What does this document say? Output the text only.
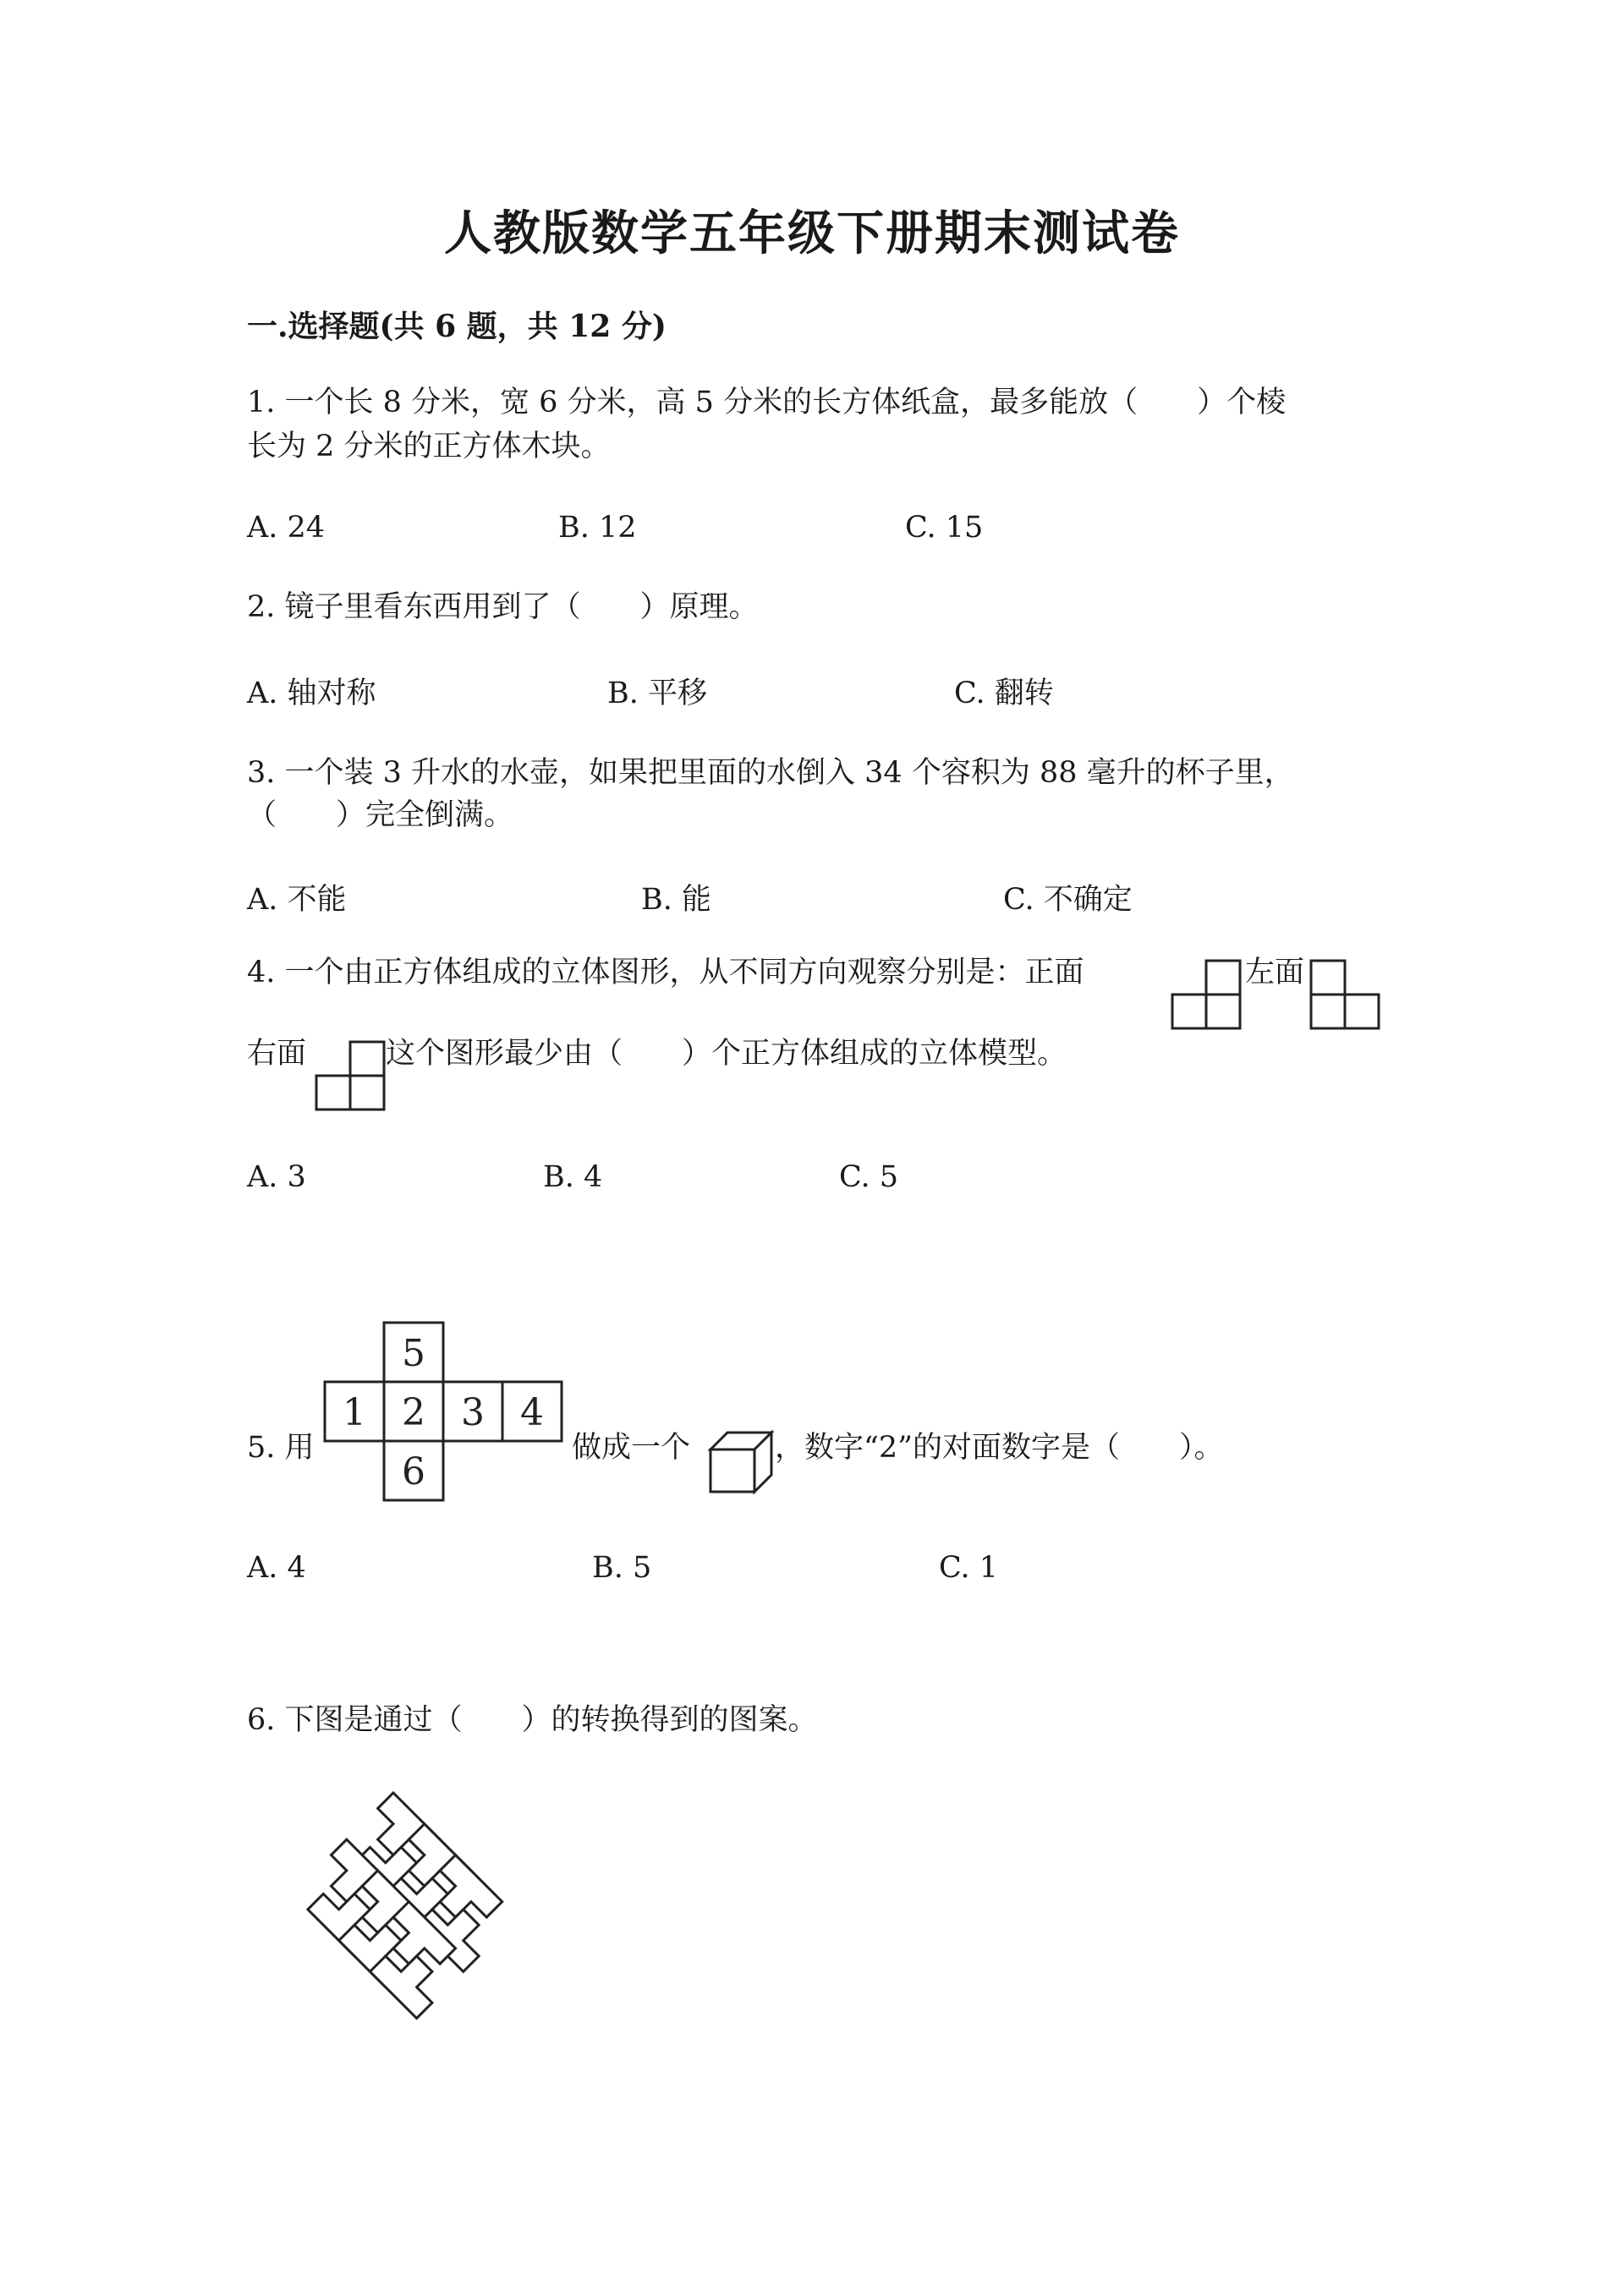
人教版数学五年级下册期末测试卷
一.选择题(共 6 题，共 12 分)
1. 一个长 8 分米，宽 6 分米，高 5 分米的长方体纸盒，最多能放（　　）个棱
长为 2 分米的正方体木块。
A. 24	B. 12	C. 15
2. 镜子里看东西用到了（　　）原理。
A. 轴对称	B. 平移	C. 翻转
3. 一个装 3 升水的水壶，如果把里面的水倒入 34 个容积为 88 毫升的杯子里，
（　　）完全倒满。
A. 不能	B. 能	C. 不确定
4. 一个由正方体组成的立体图形，从不同方向观察分别是：正面	左面
右面	这个图形最少由（　　）个正方体组成的立体模型。
A. 3	B. 4	C. 5
5. 用
5
1 2 3 4
6
做成一个	，数字“2”的对面数字是（　　）。
A. 4	B. 5	C. 1
6. 下图是通过（　　）的转换得到的图案。
